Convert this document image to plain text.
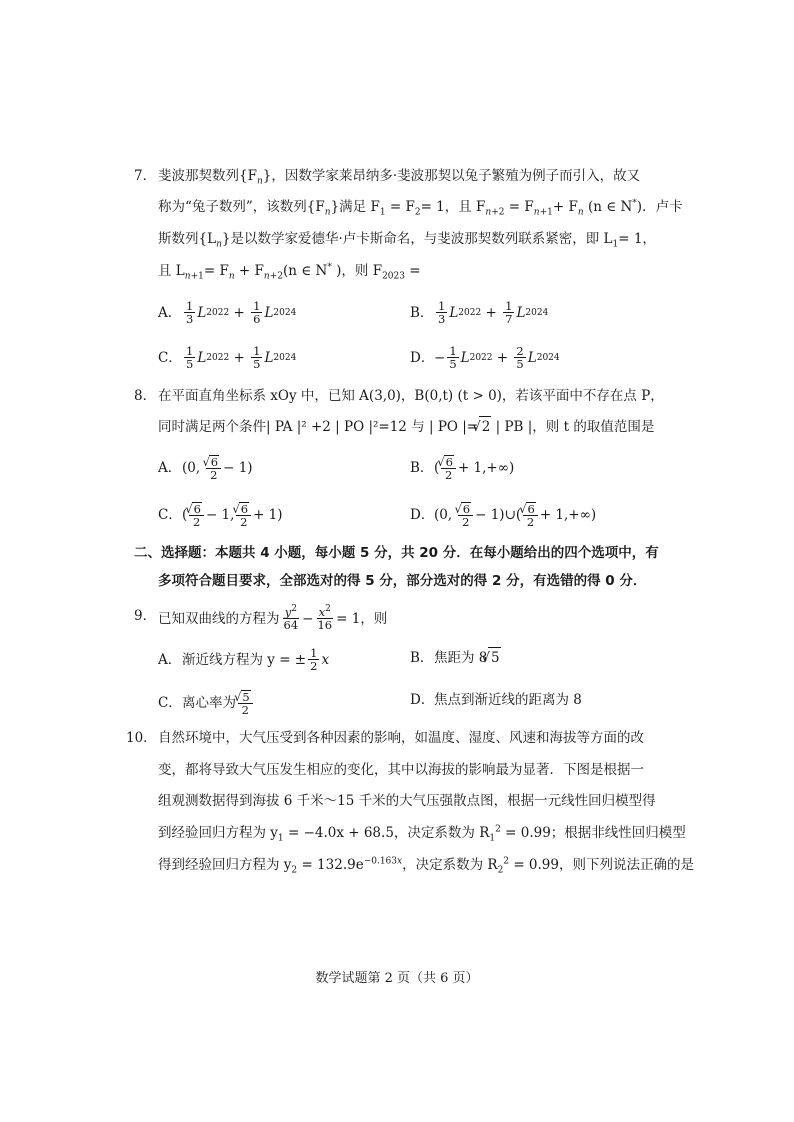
7． 斐波那契数列$\{F_n\}$，因数学家莱昂纳多·斐波那契以兔子繁殖为例子而引入，故又
称为“兔子数列”，该数列$\{F_n\}$满足 $F_1 = F_2= 1$，且 $F_{n+2} = F_{n+1}+ F_n$ (n ∈ N*)．卢卡
斯数列$\{L_n\}$是以数学家爱德华·卢卡斯命名，与斐波那契数列联系紧密，即 $L_1= 1$，
且 $L_{n+1}= F_n + F_{n+2}(n$ ∈ N* )，则 $F_{2023}$ =
A． $\frac{1}{3}$ L $2022 + \frac{1}{6}$ L 2024	B． $\frac{1}{3}$ L $2022 + \frac{1}{7}$ L 2024
C． $\frac{1}{5}$ L $2022 + \frac{1}{5}$ L 2024	D． − $\frac{1}{5}$ L $2022 + \frac{2}{5}$ L 2024
8． 在平面直角坐标系 xOy 中，已知 A(3,0)，B(0,t) (t > 0)，若该平面中不存在点 P，
同时满足两个条件| PA |² +2 | PO |²=12 与 | PO |= √ 2 | PB |，则 t 的取值范围是
A． (0, √ $\frac{6}{2} - 1$)	B． ( √ $\frac{6}{2} + 1,+\infty$)
C． ( √ $\frac{6}{2} - 1$, √ $\frac{6}{2} + 1$)	D． (0, √ $\frac{6}{2}$ − 1)∪( √ $\frac{6}{2} + 1,+\infty$)
二、选择题：本题共 4 小题，每小题 5 分，共 20 分．在每小题给出的四个选项中，有
多项符合题目要求，全部选对的得 5 分，部分选对的得 2 分，有选错的得 0 分．
9． 已知双曲线的方程为 $\frac{y^2}{64} - \frac{x^2}{16} = 1$，则
A． 渐近线方程为 y = ± $\frac{1}{2}$ x	B． 焦距为 8 √ 5
C． 离心率为 √ $\frac{5}{2}$	D． 焦点到渐近线的距离为 8
10． 自然环境中，大气压受到各种因素的影响，如温度、湿度、风速和海拔等方面的改
变，都将导致大气压发生相应的变化，其中以海拔的影响最为显著．下图是根据一
组观测数据得到海拔 6 千米～15 千米的大气压强散点图，根据一元线性回归模型得
到经验回归方程为 $y_1 = -4.0x + 68.5$，决定系数为 $R_1^2 = 0.99$；根据非线性回归模型
得到经验回归方程为 $y_2 = 132.9e^{-0.163x}$，决定系数为 $R_2^2 = 0.99$，则下列说法正确的是
数学试题第 2 页（共 6 页）
